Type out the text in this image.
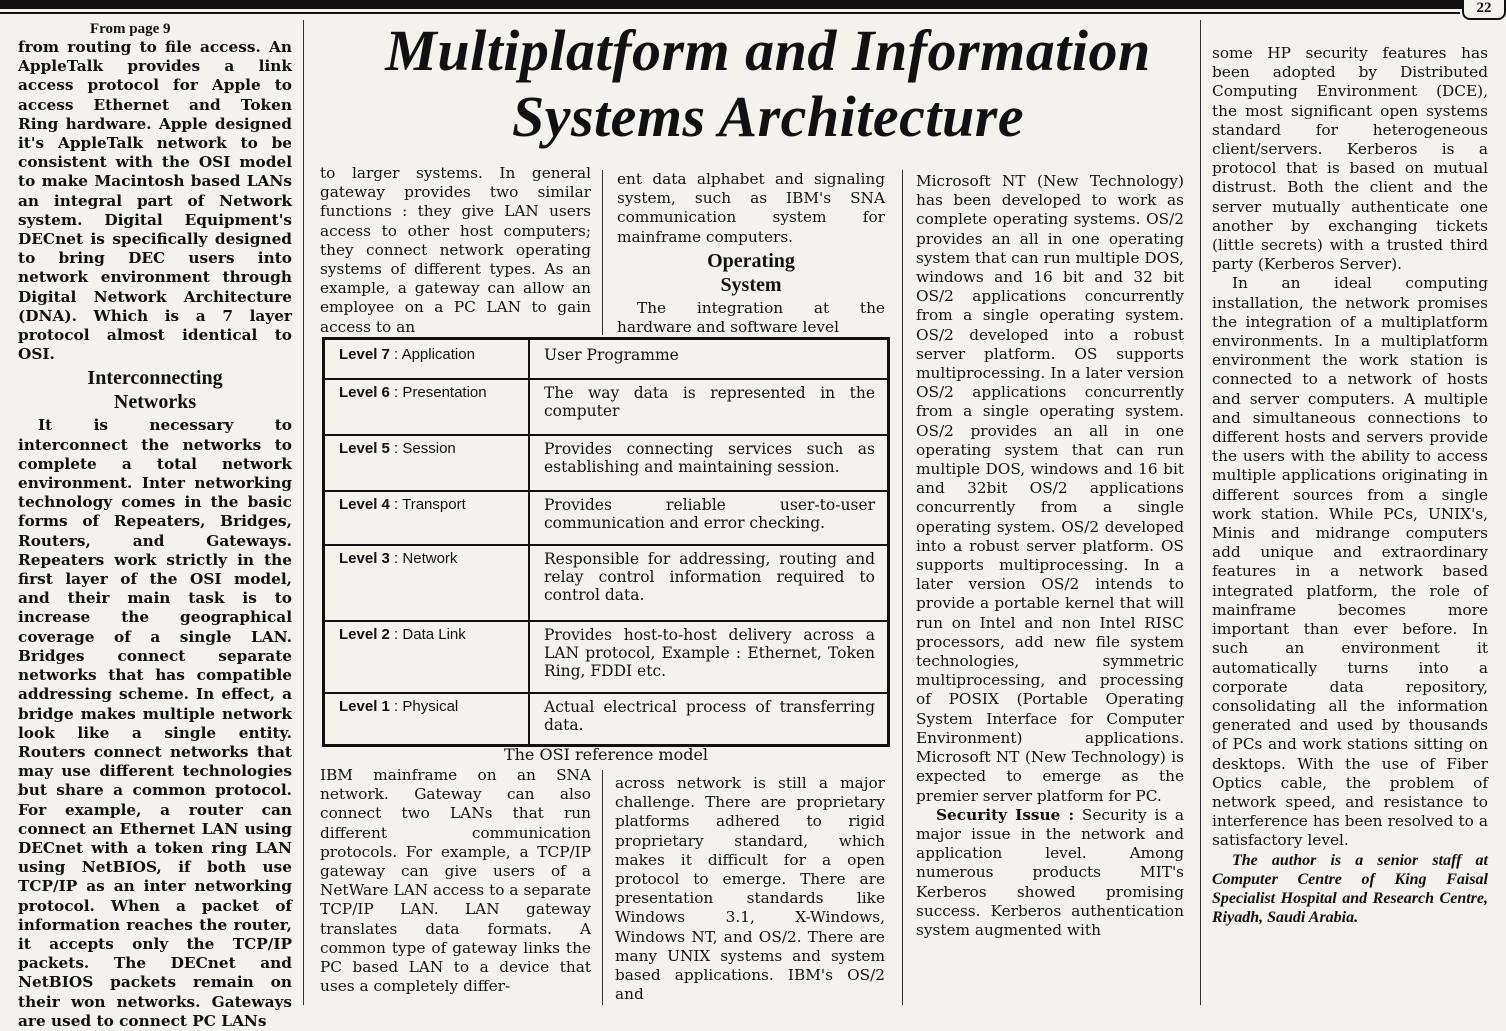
22
Multiplatform and Information
Systems Architecture
From page 9

from routing to file access. An AppleTalk provides a link access protocol for Apple to access Ethernet and Token Ring hardware. Apple designed it's AppleTalk network to be consistent with the OSI model to make Macintosh based LANs an integral part of Network system. Digital Equipment's DECnet is specifically designed to bring DEC users into network environment through Digital Network Architecture (DNA). Which is a 7 layer protocol almost identical to OSI.

Interconnecting
Networks

It is necessary to interconnect the networks to complete a total network environment. Inter networking technology comes in the basic forms of Repeaters, Bridges, Routers, and Gateways. Repeaters work strictly in the first layer of the OSI model, and their main task is to increase the geographical coverage of a single LAN. Bridges connect separate networks that has compatible addressing scheme. In effect, a bridge makes multiple network look like a single entity. Routers connect networks that may use different technologies but share a common protocol. For example, a router can connect an Ethernet LAN using DECnet with a token ring LAN using NetBIOS, if both use TCP/IP as an inter networking protocol. When a packet of information reaches the router, it accepts only the TCP/IP packets. The DECnet and NetBIOS packets remain on their won networks. Gateways are used to connect PC LANs

to larger systems. In general gateway provides two similar functions : they give LAN users access to other host computers; they connect network operating systems of different types. As an example, a gateway can allow an employee on a PC LAN to gain access to an

ent data alphabet and signaling system, such as IBM's SNA communication system for mainframe computers.

Operating
System

The integration at the hardware and software level

Level 7 : Application	User Programme
Level 6 : Presentation	The way data is represented in the computer
Level 5 : Session	Provides connecting services such as establishing and maintaining session.
Level 4 : Transport	Provides reliable user-to-user communication and error checking.
Level 3 : Network	Responsible for addressing, routing and relay control information required to control data.
Level 2 : Data Link	Provides host-to-host delivery across a LAN protocol, Example : Ethernet, Token Ring, FDDI etc.
Level 1 : Physical	Actual electrical process of transferring data.
The OSI reference model

IBM mainframe on an SNA network. Gateway can also connect two LANs that run different communication protocols. For example, a TCP/IP gateway can give users of a NetWare LAN access to a separate TCP/IP LAN. LAN gateway translates data formats. A common type of gateway links the PC based LAN to a device that uses a completely differ-

across network is still a major challenge. There are proprietary platforms adhered to rigid proprietary standard, which makes it difficult for a open protocol to emerge. There are presentation standards like Windows 3.1, X-Windows, Windows NT, and OS/2. There are many UNIX systems and system based applications. IBM's OS/2 and

Microsoft NT (New Technology) has been developed to work as complete operating systems. OS/2 provides an all in one operating system that can run multiple DOS, windows and 16 bit and 32 bit OS/2 applications concurrently from a single operating system. OS/2 developed into a robust server platform. OS supports multiprocessing. In a later version OS/2 applications concurrently from a single operating system. OS/2 provides an all in one operating system that can run multiple DOS, windows and 16 bit and 32bit OS/2 applications concurrently from a single operating system. OS/2 developed into a robust server platform. OS supports multiprocessing. In a later version OS/2 intends to provide a portable kernel that will run on Intel and non Intel RISC processors, add new file system technologies, symmetric multiprocessing, and processing of POSIX (Portable Operating System Interface for Computer Environment) applications. Microsoft NT (New Technology) is expected to emerge as the premier server platform for PC.

Security Issue : Security is a major issue in the network and application level. Among numerous products MIT's Kerberos showed promising success. Kerberos authentication system augmented with

some HP security features has been adopted by Distributed Computing Environment (DCE), the most significant open systems standard for heterogeneous client/servers. Kerberos is a protocol that is based on mutual distrust. Both the client and the server mutually authenticate one another by exchanging tickets (little secrets) with a trusted third party (Kerberos Server).

In an ideal computing installation, the network promises the integration of a multiplatform environments. In a multiplatform environment the work station is connected to a network of hosts and server computers. A multiple and simultaneous connections to different hosts and servers provide the users with the ability to access multiple applications originating in different sources from a single work station. While PCs, UNIX's, Minis and midrange computers add unique and extraordinary features in a network based integrated platform, the role of mainframe becomes more important than ever before. In such an environment it automatically turns into a corporate data repository, consolidating all the information generated and used by thousands of PCs and work stations sitting on desktops. With the use of Fiber Optics cable, the problem of network speed, and resistance to interference has been resolved to a satisfactory level.

The author is a senior staff at Computer Centre of King Faisal Specialist Hospital and Research Centre, Riyadh, Saudi Arabia.
